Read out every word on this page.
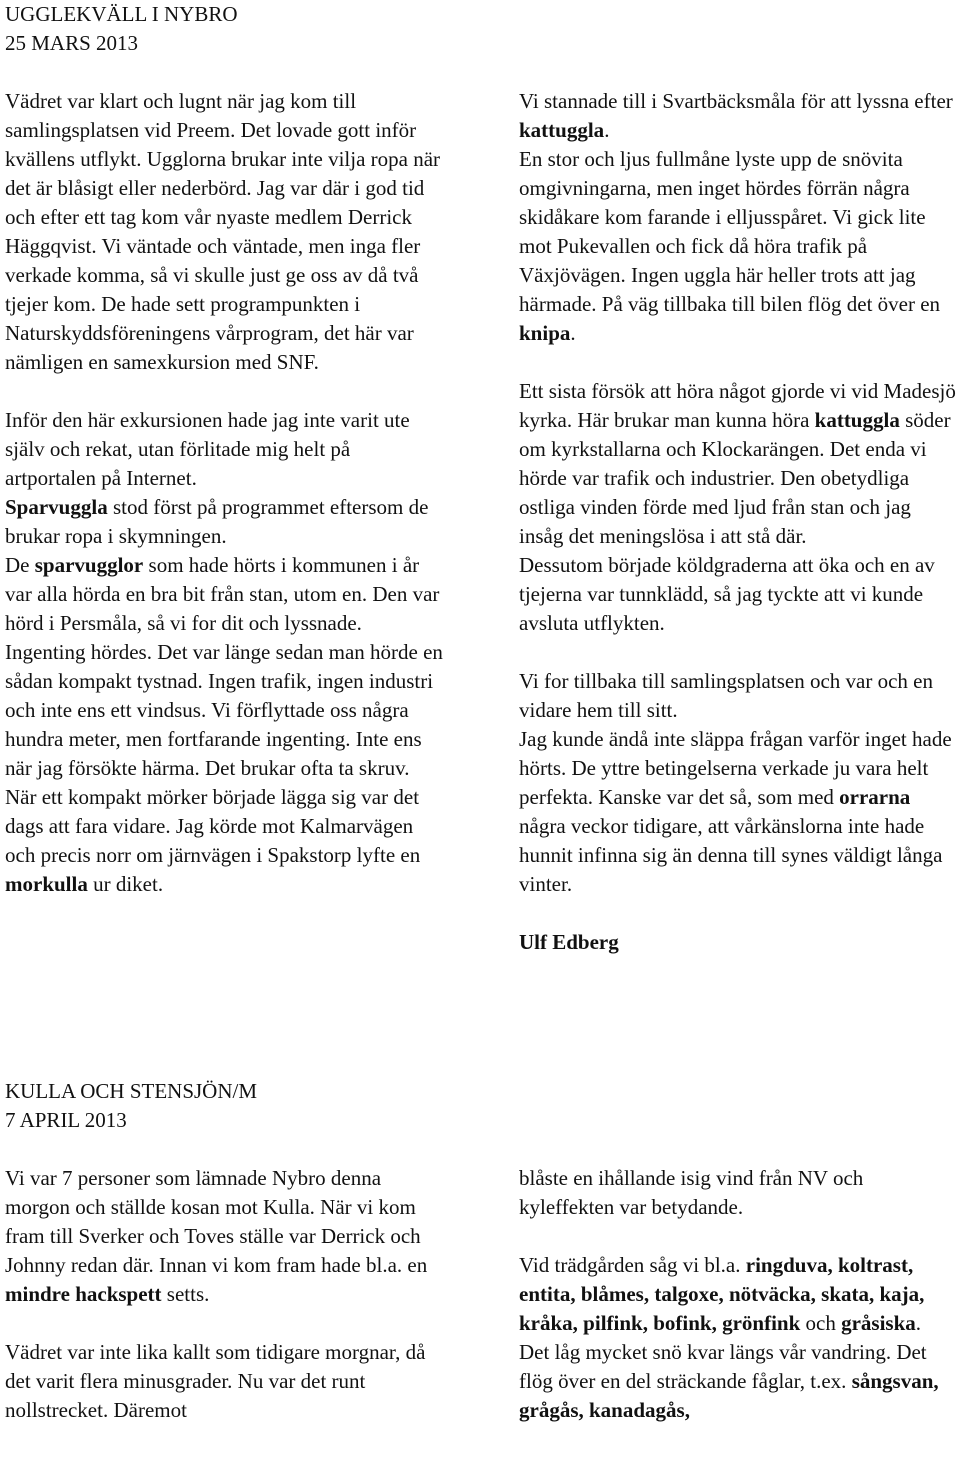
UGGLEKVÄLL I NYBRO
25 MARS 2013

Vädret var klart och lugnt när jag kom till samlingsplatsen vid Preem. Det lovade gott inför kvällens utflykt. Ugglorna brukar inte vilja ropa när det är blåsigt eller nederbörd. Jag var där i god tid och efter ett tag kom vår nyaste medlem Derrick Häggqvist. Vi väntade och väntade, men inga fler verkade komma, så vi skulle just ge oss av då två tjejer kom. De hade sett programpunkten i Naturskyddsföreningens vårprogram, det här var nämligen en samexkursion med SNF.

Inför den här exkursionen hade jag inte varit ute själv och rekat, utan förlitade mig helt på artportalen på Internet.

Sparvuggla stod först på programmet eftersom de brukar ropa i skymningen.

De sparvugglor som hade hörts i kommunen i år var alla hörda en bra bit från stan, utom en. Den var hörd i Persmåla, så vi for dit och lyssnade. Ingenting hördes. Det var länge sedan man hörde en sådan kompakt tystnad. Ingen trafik, ingen industri och inte ens ett vindsus. Vi förflyttade oss några hundra meter, men fortfarande ingenting. Inte ens när jag försökte härma. Det brukar ofta ta skruv.

När ett kompakt mörker började lägga sig var det dags att fara vidare. Jag körde mot Kalmarvägen och precis norr om järnvägen i Spakstorp lyfte en morkulla ur diket.

Vi stannade till i Svartbäcksmåla för att lyssna efter kattuggla.

En stor och ljus fullmåne lyste upp de snövita omgivningarna, men inget hördes förrän några skidåkare kom farande i elljusspåret. Vi gick lite mot Pukevallen och fick då höra trafik på Växjövägen. Ingen uggla här heller trots att jag härmade. På väg tillbaka till bilen flög det över en knipa.

Ett sista försök att höra något gjorde vi vid Madesjö kyrka. Här brukar man kunna höra kattuggla söder om kyrkstallarna och Klockarängen. Det enda vi hörde var trafik och industrier. Den obetydliga ostliga vinden förde med ljud från stan och jag insåg det meningslösa i att stå där.

Dessutom började köldgraderna att öka och en av tjejerna var tunnklädd, så jag tyckte att vi kunde avsluta utflykten.

Vi for tillbaka till samlingsplatsen och var och en vidare hem till sitt.

Jag kunde ändå inte släppa frågan varför inget hade hörts. De yttre betingelserna verkade ju vara helt perfekta. Kanske var det så, som med orrarna några veckor tidigare, att vårkänslorna inte hade hunnit infinna sig än denna till synes väldigt långa vinter.

Ulf Edberg

KULLA OCH STENSJÖN/M
7 APRIL 2013

Vi var 7 personer som lämnade Nybro denna morgon och ställde kosan mot Kulla. När vi kom fram till Sverker och Toves ställe var Derrick och Johnny redan där. Innan vi kom fram hade bl.a. en mindre hackspett setts.

Vädret var inte lika kallt som tidigare morgnar, då det varit flera minusgrader. Nu var det runt nollstrecket. Däremot

blåste en ihållande isig vind från NV och kyleffekten var betydande.

Vid trädgården såg vi bl.a. ringduva, koltrast, entita, blåmes, talgoxe, nötväcka, skata, kaja, kråka, pilfink, bofink, grönfink och gråsiska.

Det låg mycket snö kvar längs vår vandring. Det flög över en del sträckande fåglar, t.ex. sångsvan, grågås, kanadagås,
